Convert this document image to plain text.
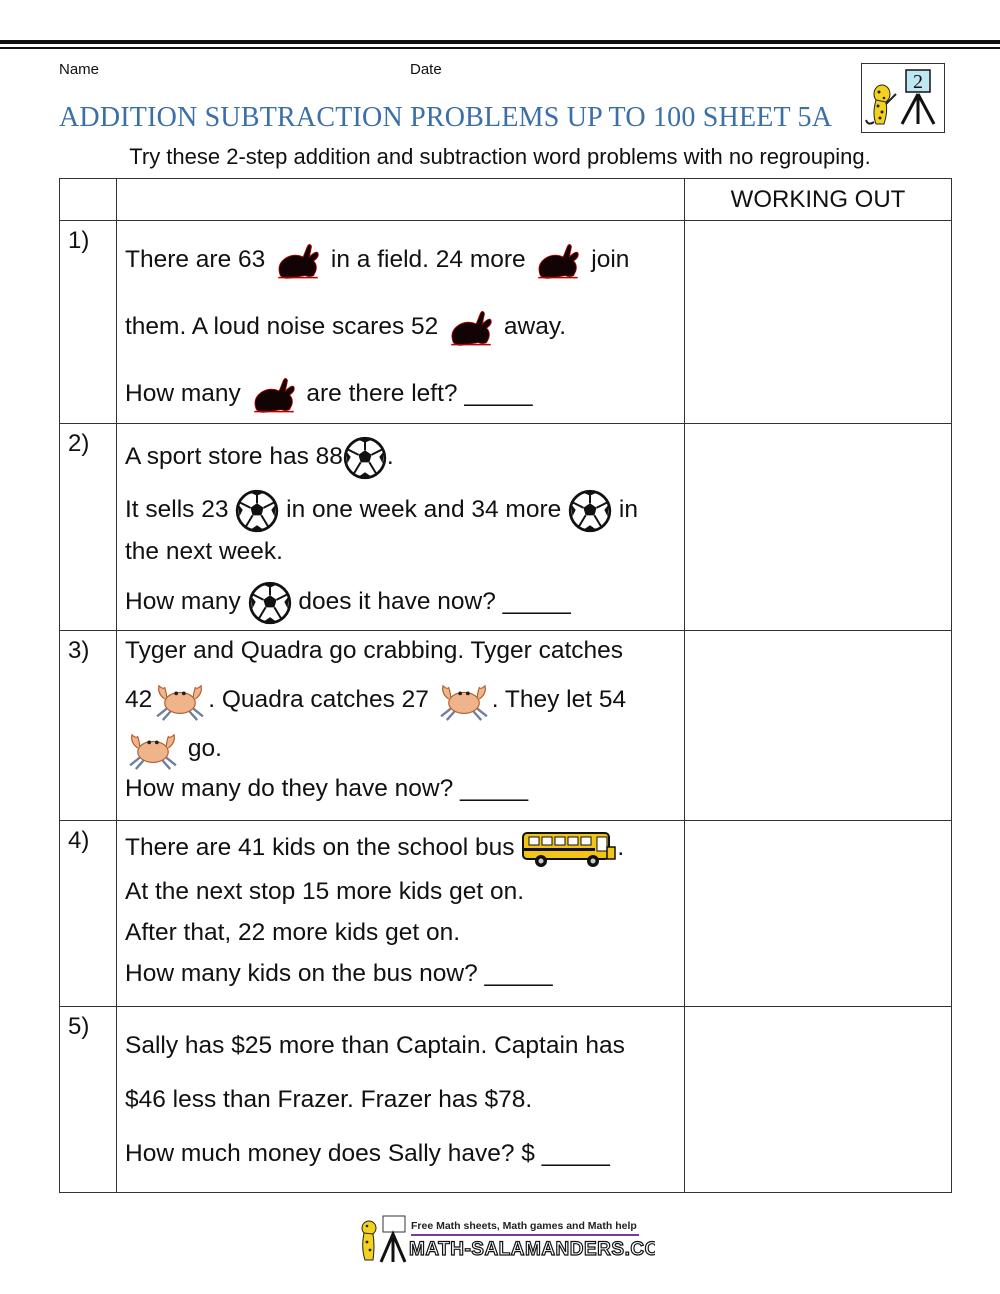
Name	Date
2
ADDITION SUBTRACTION PROBLEMS UP TO 100 SHEET 5A
Try these 2-step addition and subtraction word problems with no regrouping.
		WORKING OUT
1)	There are 63 in a field. 24 more join
them. A loud noise scares 52 away.
How many are there left? _____	

2)	A sport store has 88 .
It sells 23 in one week and 34 more in
the next week.
How many does it have now? _____	

3)	Tyger and Quadra go crabbing. Tyger catches
42 . Quadra catches 27 . They let 54
go.
How many do they have now? _____	

4)	There are 41 kids on the school bus .
At the next stop 15 more kids get on.
After that, 22 more kids get on.
How many kids on the bus now? _____	

5)	Sally has $25 more than Captain. Captain has
$46 less than Frazer. Frazer has $78.
How much money does Sally have? $ _____	

Free Math sheets, Math games and Math help
MATH-SALAMANDERS.COM
